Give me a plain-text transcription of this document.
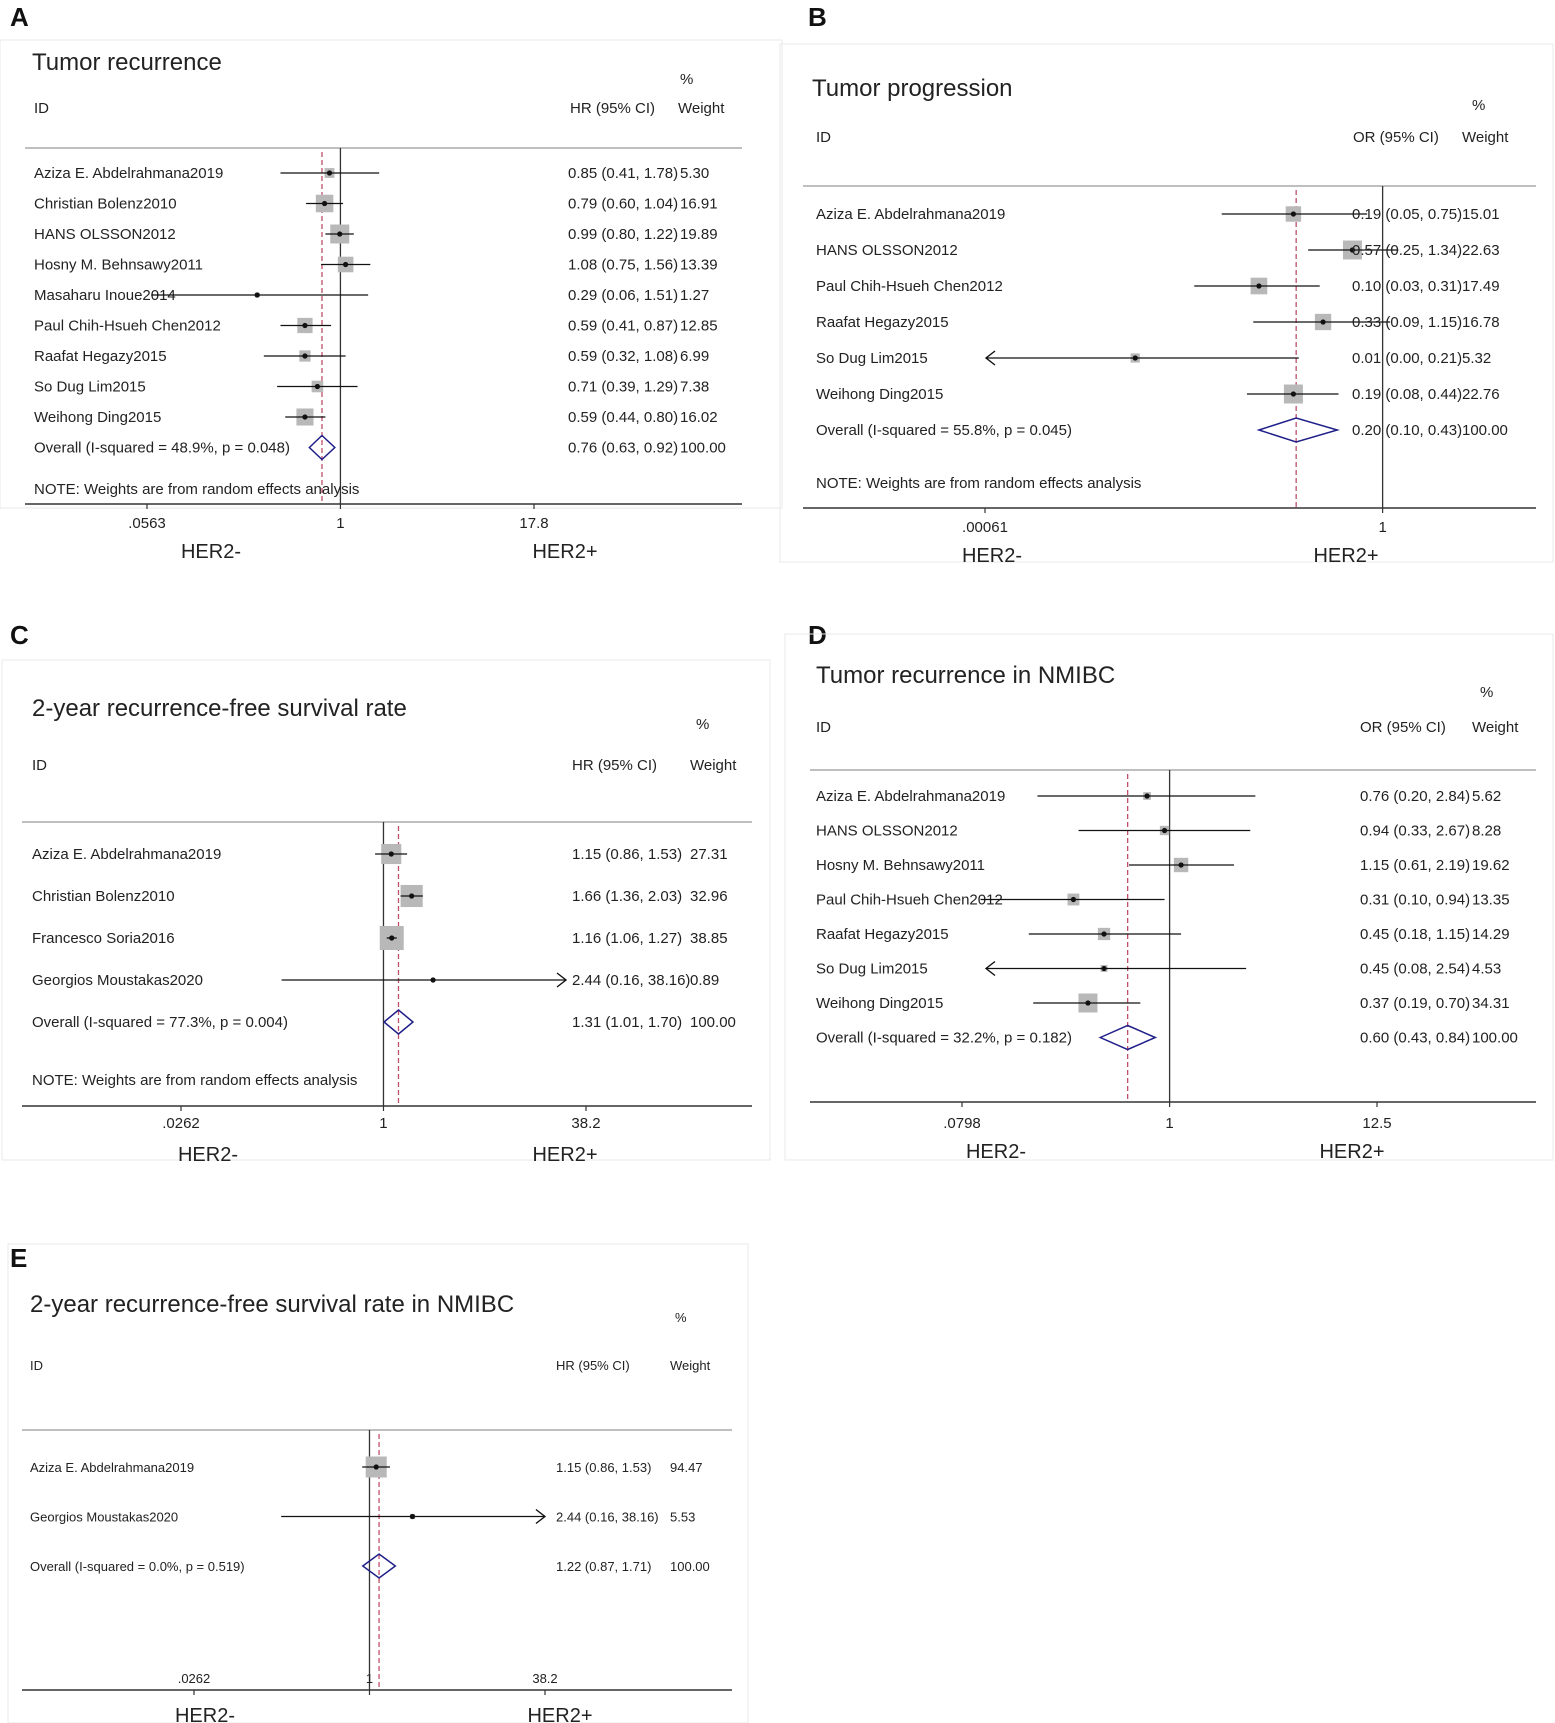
A	B
C	D
E
Tumor recurrence
%
ID	HR (95% CI) Weight
Aziza E. Abdelrahmana2019	0.85 (0.41, 1.78) 5.30
Christian Bolenz2010	0.79 (0.60, 1.04) 16.91
HANS OLSSON2012	0.99 (0.80, 1.22) 19.89
Hosny M. Behnsawy2011	1.08 (0.75, 1.56) 13.39
Masaharu Inoue2014	0.29 (0.06, 1.51) 1.27
Paul Chih-Hsueh Chen2012	0.59 (0.41, 0.87) 12.85
Raafat Hegazy2015	0.59 (0.32, 1.08) 6.99
So Dug Lim2015	0.71 (0.39, 1.29) 7.38
Weihong Ding2015	0.59 (0.44, 0.80) 16.02
Overall (I-squared = 48.9%, p = 0.048)	0.76 (0.63, 0.92) 100.00
NOTE: Weights are from random effects analysis
.0563	1	17.8
HER2-	HER2+
Tumor progression
%
ID	OR (95% CI) Weight
Aziza E. Abdelrahmana2019	0.19 (0.05, 0.75) 15.01
HANS OLSSON2012	0.57 (0.25, 1.34) 22.63
Paul Chih-Hsueh Chen2012	0.10 (0.03, 0.31) 17.49
Raafat Hegazy2015	0.33 (0.09, 1.15) 16.78
So Dug Lim2015	0.01 (0.00, 0.21) 5.32
Weihong Ding2015	0.19 (0.08, 0.44) 22.76
Overall (I-squared = 55.8%, p = 0.045)	0.20 (0.10, 0.43) 100.00
NOTE: Weights are from random effects analysis
.00061	1
HER2-	HER2+
2-year recurrence-free survival rate
%
ID	HR (95% CI) Weight
Aziza E. Abdelrahmana2019	1.15 (0.86, 1.53) 27.31
Christian Bolenz2010	1.66 (1.36, 2.03) 32.96
Francesco Soria2016	1.16 (1.06, 1.27) 38.85
Georgios Moustakas2020	2.44 (0.16, 38.16) 0.89
Overall (I-squared = 77.3%, p = 0.004)	1.31 (1.01, 1.70) 100.00
NOTE: Weights are from random effects analysis
.0262	1	38.2
HER2-	HER2+
Tumor recurrence in NMIBC
%
ID	OR (95% CI) Weight
Aziza E. Abdelrahmana2019	0.76 (0.20, 2.84) 5.62
HANS OLSSON2012	0.94 (0.33, 2.67) 8.28
Hosny M. Behnsawy2011	1.15 (0.61, 2.19) 19.62
Paul Chih-Hsueh Chen2012	0.31 (0.10, 0.94) 13.35
Raafat Hegazy2015	0.45 (0.18, 1.15) 14.29
So Dug Lim2015	0.45 (0.08, 2.54) 4.53
Weihong Ding2015	0.37 (0.19, 0.70) 34.31
Overall (I-squared = 32.2%, p = 0.182)	0.60 (0.43, 0.84) 100.00
.0798	1	12.5
HER2-	HER2+
2-year recurrence-free survival rate in NMIBC	%
ID	HR (95% CI)	Weight
Aziza E. Abdelrahmana2019	1.15 (0.86, 1.53) 94.47
Georgios Moustakas2020	2.44 (0.16, 38.16) 5.53
Overall (I-squared = 0.0%, p = 0.519)	1.22 (0.87, 1.71) 100.00
.0262	1	38.2
HER2-	HER2+
